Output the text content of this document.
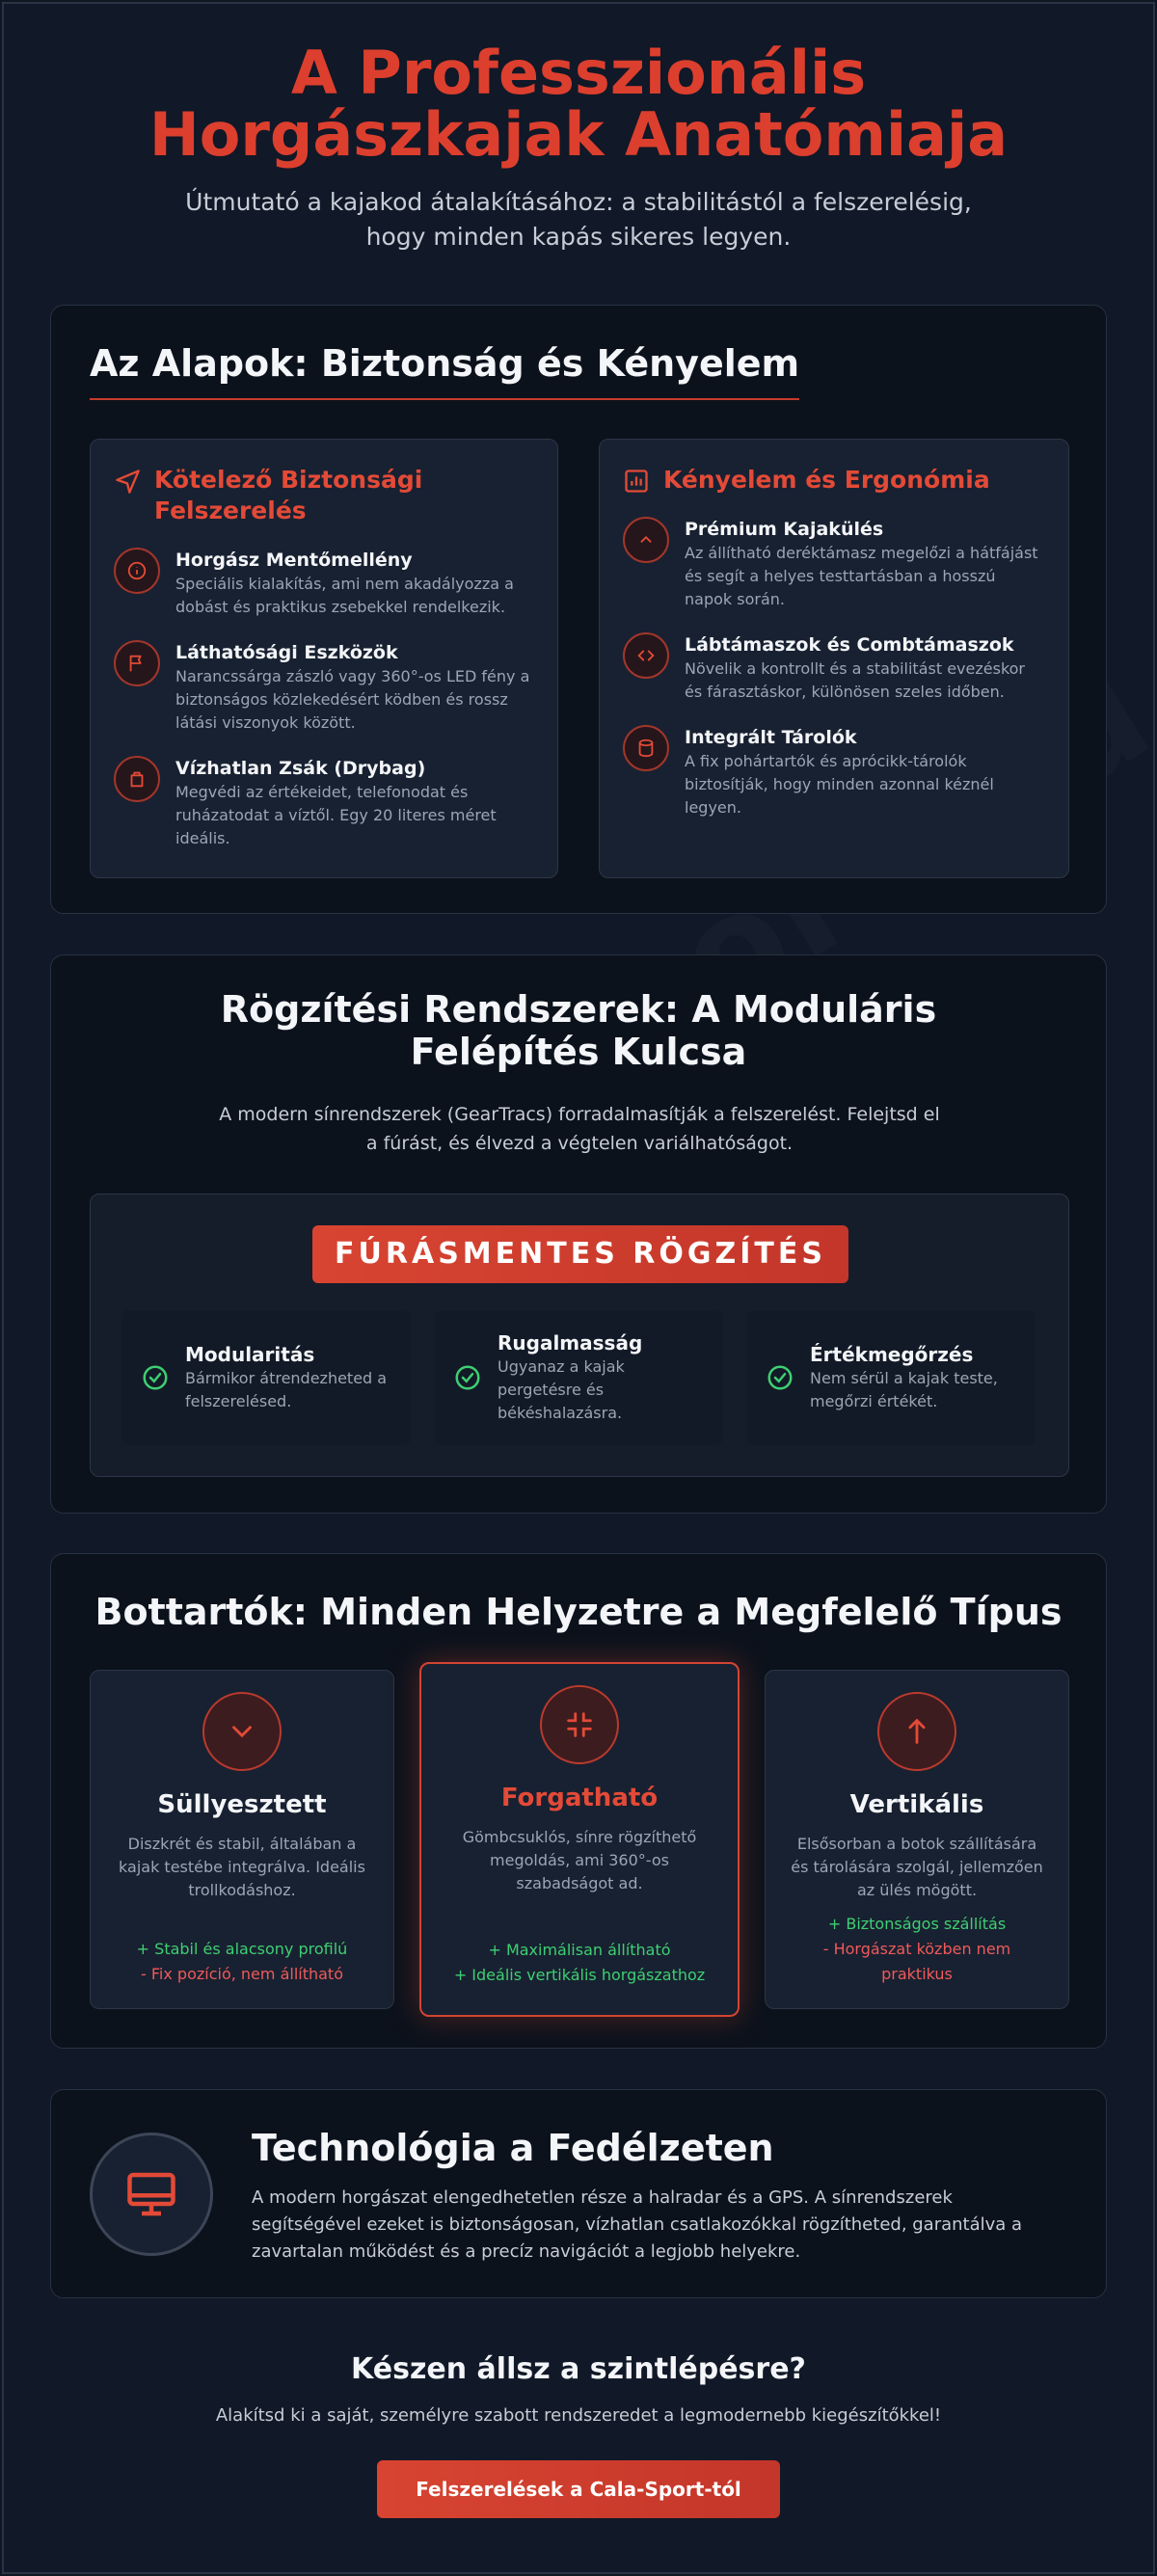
A Professzionális Horgászkajak Anatómiaja

Útmutató a kajakod átalakításához: a stabilitástól a felszerelésig, hogy minden kapás sikeres legyen.

Az Alapok: Biztonság és Kényelem
Kötelező Biztonsági Felszerelés
Horgász Mentőmellény

Speciális kialakítás, ami nem akadályozza a dobást és praktikus zsebekkel rendelkezik.

Láthatósági Eszközök

Narancssárga zászló vagy 360°-os LED fény a biztonságos közlekedésért ködben és rossz látási viszonyok között.

Vízhatlan Zsák (Drybag)

Megvédi az értékeidet, telefonodat és ruházatodat a víztől. Egy 20 literes méret ideális.

Kényelem és Ergonómia
Prémium Kajakülés

Az állítható deréktámasz megelőzi a hátfájást és segít a helyes testtartásban a hosszú napok során.

Lábtámaszok és Combtámaszok

Növelik a kontrollt és a stabilitást evezéskor és fárasztáskor, különösen szeles időben.

Integrált Tárolók

A fix pohártartók és aprócikk-tárolók biztosítják, hogy minden azonnal kéznél legyen.

Rögzítési Rendszerek: A Moduláris Felépítés Kulcsa

A modern sínrendszerek (GearTracs) forradalmasítják a felszerelést. Felejtsd el a fúrást, és élvezd a végtelen variálhatóságot.

FÚRÁSMENTES RÖGZÍTÉS
Modularitás

Bármikor átrendezheted a felszerelésed.

Rugalmasság

Ugyanaz a kajak pergetésre és békéshalazásra.

Értékmegőrzés

Nem sérül a kajak teste, megőrzi értékét.

Bottartók: Minden Helyzetre a Megfelelő Típus
Süllyesztett

Diszkrét és stabil, általában a kajak testébe integrálva. Ideális trollkodáshoz.

+ Stabil és alacsony profilú
- Fix pozíció, nem állítható
Forgatható

Gömbcsuklós, sínre rögzíthető megoldás, ami 360°-os szabadságot ad.

+ Maximálisan állítható
+ Ideális vertikális horgászathoz
Vertikális

Elsősorban a botok szállítására és tárolására szolgál, jellemzően az ülés mögött.

+ Biztonságos szállítás
- Horgászat közben nem praktikus
Technológia a Fedélzeten

A modern horgászat elengedhetetlen része a halradar és a GPS. A sínrendszerek segítségével ezeket is biztonságosan, vízhatlan csatlakozókkal rögzítheted, garantálva a zavartalan működést és a precíz navigációt a legjobb helyekre.

Készen állsz a szintlépésre?

Alakítsd ki a saját, személyre szabott rendszeredet a legmodernebb kiegészítőkkel!

Felszerelések a Cala-Sport-tól
